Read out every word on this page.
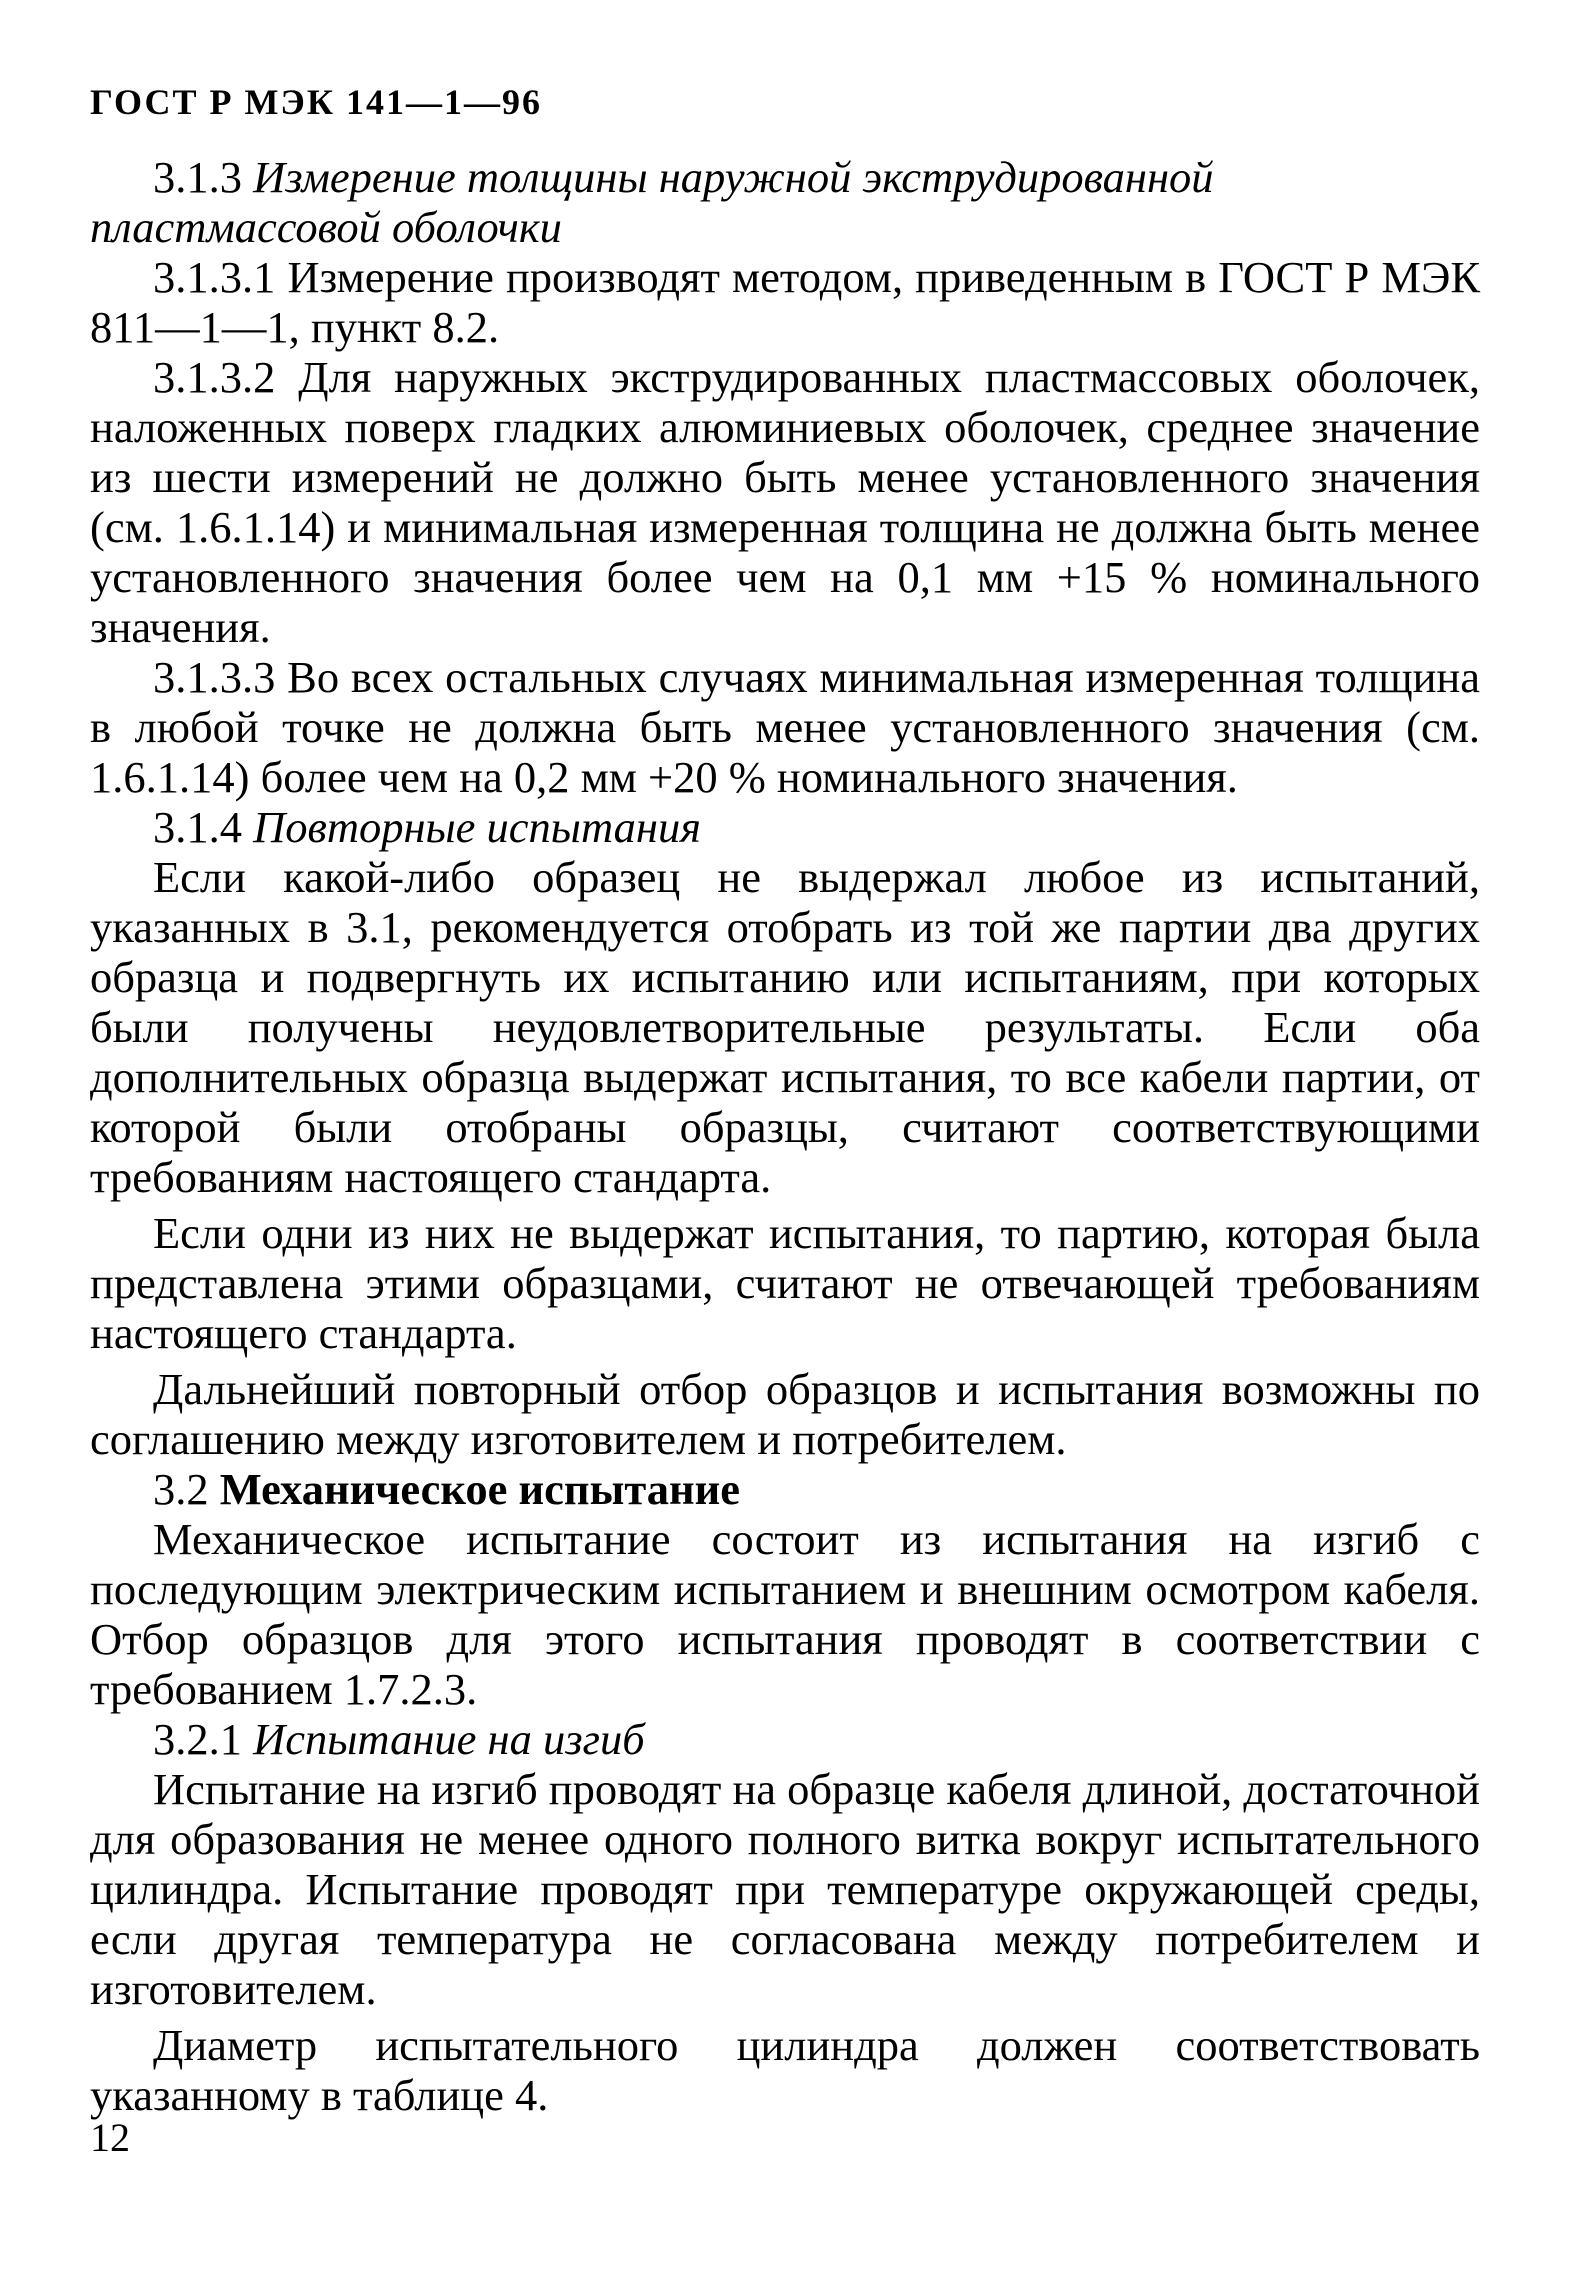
ГОСТ Р МЭК 141—1—96

3.1.3 Измерение толщины наружной экструдированной пластмассовой оболочки

3.1.3.1 Измерение производят методом, приведенным в ГОСТ Р МЭК 811—1—1, пункт 8.2.

3.1.3.2 Для наружных экструдированных пластмассовых оболочек, наложенных поверх гладких алюминиевых оболочек, среднее значение из шести измерений не должно быть менее установленного значения (см. 1.6.1.14) и минимальная измеренная толщина не должна быть менее установленного значения более чем на 0,1 мм +15 % номинального значения.

3.1.3.3 Во всех остальных случаях минимальная измеренная толщина в любой точке не должна быть менее установленного значения (см. 1.6.1.14) более чем на 0,2 мм +20 % номинального значения.

3.1.4 Повторные испытания

Если какой-либо образец не выдержал любое из испытаний, указанных в 3.1, рекомендуется отобрать из той же партии два других образца и подвергнуть их испытанию или испытаниям, при которых были получены неудовлетворительные результаты. Если оба дополнительных образца выдержат испытания, то все кабели партии, от которой были отобраны образцы, считают соответствующими требованиям настоящего стандарта.

Если одни из них не выдержат испытания, то партию, которая была представлена этими образцами, считают не отвечающей требованиям настоящего стандарта.

Дальнейший повторный отбор образцов и испытания возможны по соглашению между изготовителем и потребителем.

3.2 Механическое испытание

Механическое испытание состоит из испытания на изгиб с последующим электрическим испытанием и внешним осмотром кабеля. Отбор образцов для этого испытания проводят в соответствии с требованием 1.7.2.3.

3.2.1 Испытание на изгиб

Испытание на изгиб проводят на образце кабеля длиной, достаточной для образования не менее одного полного витка вокруг испытательного цилиндра. Испытание проводят при температуре окружающей среды, если другая температура не согласована между потребителем и изготовителем.

Диаметр испытательного цилиндра должен соответствовать указанному в таблице 4.

12
